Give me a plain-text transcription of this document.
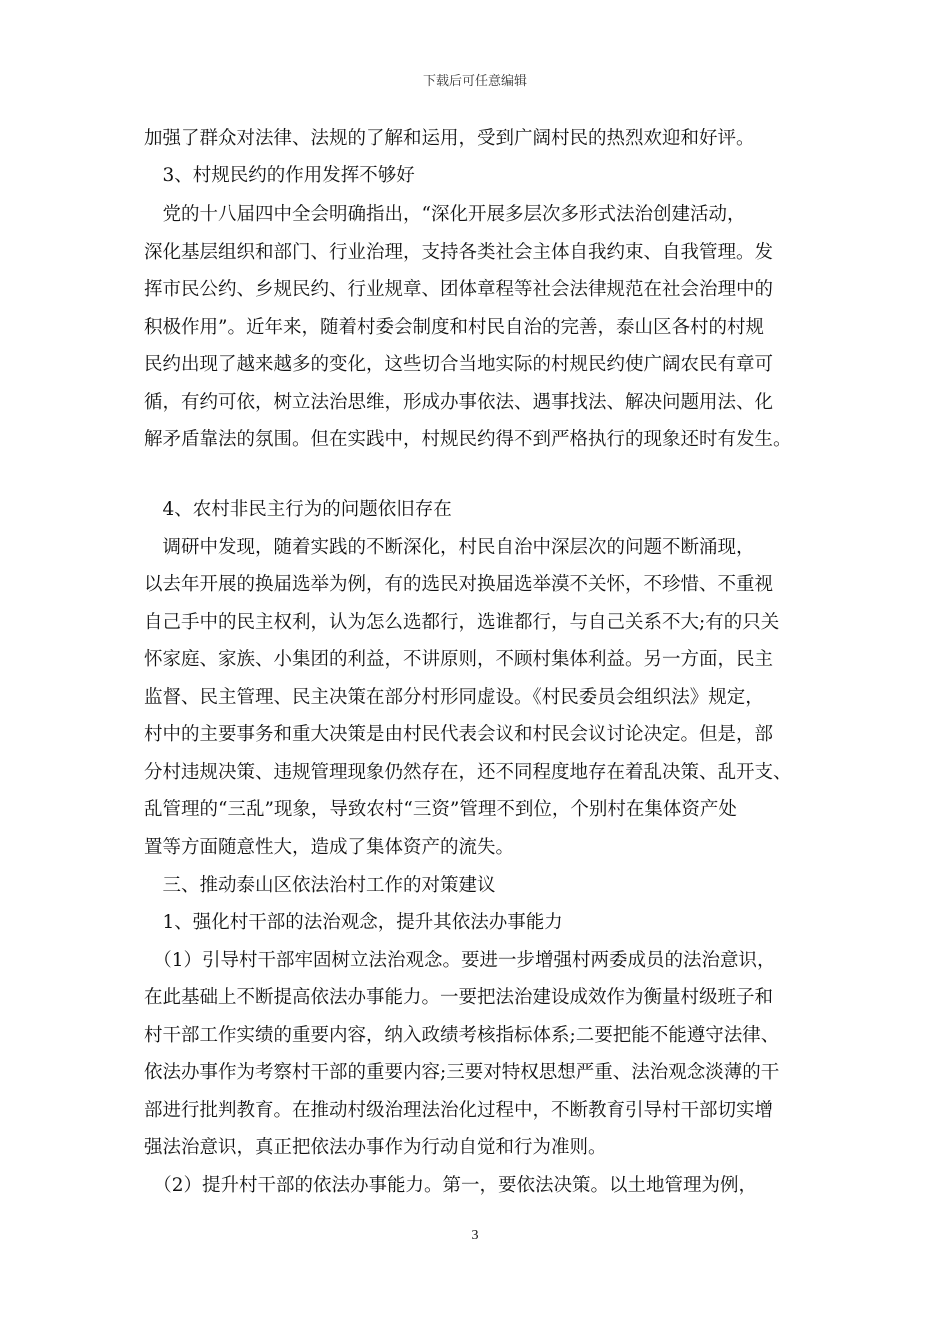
下载后可任意编辑
加强了群众对法律、法规的了解和运用，受到广阔村民的热烈欢迎和好评。
　3、村规民约的作用发挥不够好
　党的十八届四中全会明确指出，“深化开展多层次多形式法治创建活动，
深化基层组织和部门、行业治理，支持各类社会主体自我约束、自我管理。发
挥市民公约、乡规民约、行业规章、团体章程等社会法律规范在社会治理中的
积极作用”。近年来，随着村委会制度和村民自治的完善，泰山区各村的村规
民约出现了越来越多的变化，这些切合当地实际的村规民约使广阔农民有章可
循，有约可依，树立法治思维，形成办事依法、遇事找法、解决问题用法、化
解矛盾靠法的氛围。但在实践中，村规民约得不到严格执行的现象还时有发生。
　4、农村非民主行为的问题依旧存在
　调研中发现，随着实践的不断深化，村民自治中深层次的问题不断涌现，
以去年开展的换届选举为例，有的选民对换届选举漠不关怀，不珍惜、不重视
自己手中的民主权利，认为怎么选都行，选谁都行，与自己关系不大;有的只关
怀家庭、家族、小集团的利益，不讲原则，不顾村集体利益。另一方面，民主
监督、民主管理、民主决策在部分村形同虚设。《村民委员会组织法》规定，
村中的主要事务和重大决策是由村民代表会议和村民会议讨论决定。但是，部
分村违规决策、违规管理现象仍然存在，还不同程度地存在着乱决策、乱开支、
乱管理的“三乱”现象，导致农村“三资”管理不到位，个别村在集体资产处
置等方面随意性大，造成了集体资产的流失。
　三、推动泰山区依法治村工作的对策建议
　1、强化村干部的法治观念，提升其依法办事能力
　（1）引导村干部牢固树立法治观念。要进一步增强村两委成员的法治意识，
在此基础上不断提高依法办事能力。一要把法治建设成效作为衡量村级班子和
村干部工作实绩的重要内容，纳入政绩考核指标体系;二要把能不能遵守法律、
依法办事作为考察村干部的重要内容;三要对特权思想严重、法治观念淡薄的干
部进行批判教育。在推动村级治理法治化过程中，不断教育引导村干部切实增
强法治意识，真正把依法办事作为行动自觉和行为准则。
　（2）提升村干部的依法办事能力。第一，要依法决策。以土地管理为例，
3
